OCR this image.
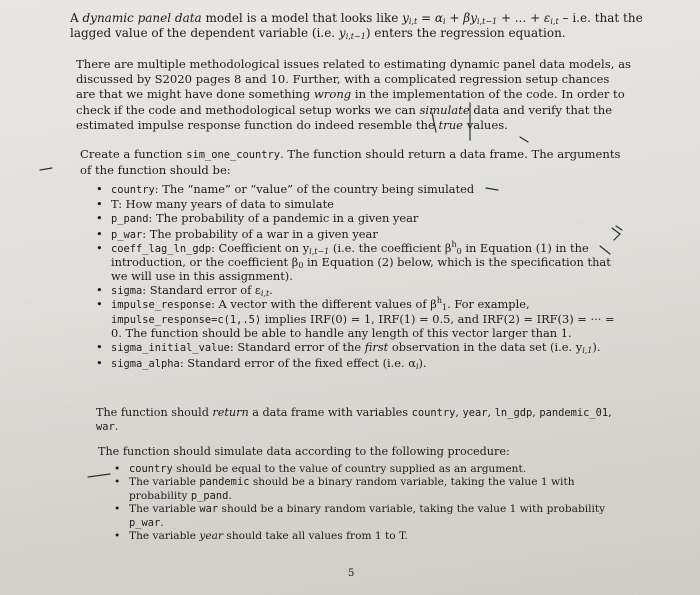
A dynamic panel data model is a model that looks like $y_{i,t} = \alpha_i + \beta y_{i,t-1}$ + ... + $\varepsilon_{i,t} - i.e$. that the lagged value of the dependent variable (i.e. $y_{i,t-1}$) enters the regression equation.

There are multiple methodological issues related to estimating dynamic panel data models, as discussed by S2020 pages 8 and 10. Further, with a complicated regression setup chances are that we might have done something wrong in the implementation of the code. In order to check if the code and methodological setup works we can simulate data and verify that the estimated impulse response function do indeed resemble the true values.

Create a function sim_one_country. The function should return a data frame. The arguments of the function should be:

• country: The “name” or “value” of the country being simulated
• T: How many years of data to simulate
• p_pand: The probability of a pandemic in a given year
• p_war: The probability of a war in a given year
• coeff_lag_ln_gdp: Coefficient on $y_{i,t-1}$ (i.e. the coefficient $\beta^h_0$ in Equation (1) in the introduction, or the coefficient $\beta_0$ in Equation (2) below, which is the specification that we will use in this assignment).
• sigma: Standard error of $\varepsilon_{i,t}$.
• impulse_response: A vector with the different values of $\beta^h_1$. For example, impulse_response=c(1,.5) implies IRF(0) = 1, IRF(1) = 0.5, and IRF(2) = IRF(3) = ··· = 0. The function should be able to handle any length of this vector larger than 1.
• sigma_initial_value: Standard error of the first observation in the data set (i.e. $y_{i,1}$).
• sigma_alpha: Standard error of the fixed effect (i.e. $\alpha_i$).

The function should return a data frame with variables country, year, ln_gdp, pandemic_01, war.

The function should simulate data according to the following procedure:

• country should be equal to the value of country supplied as an argument.
• The variable pandemic should be a binary random variable, taking the value 1 with probability p_pand.
• The variable war should be a binary random variable, taking the value 1 with probability p_war.
• The variable year should take all values from 1 to T.
5
